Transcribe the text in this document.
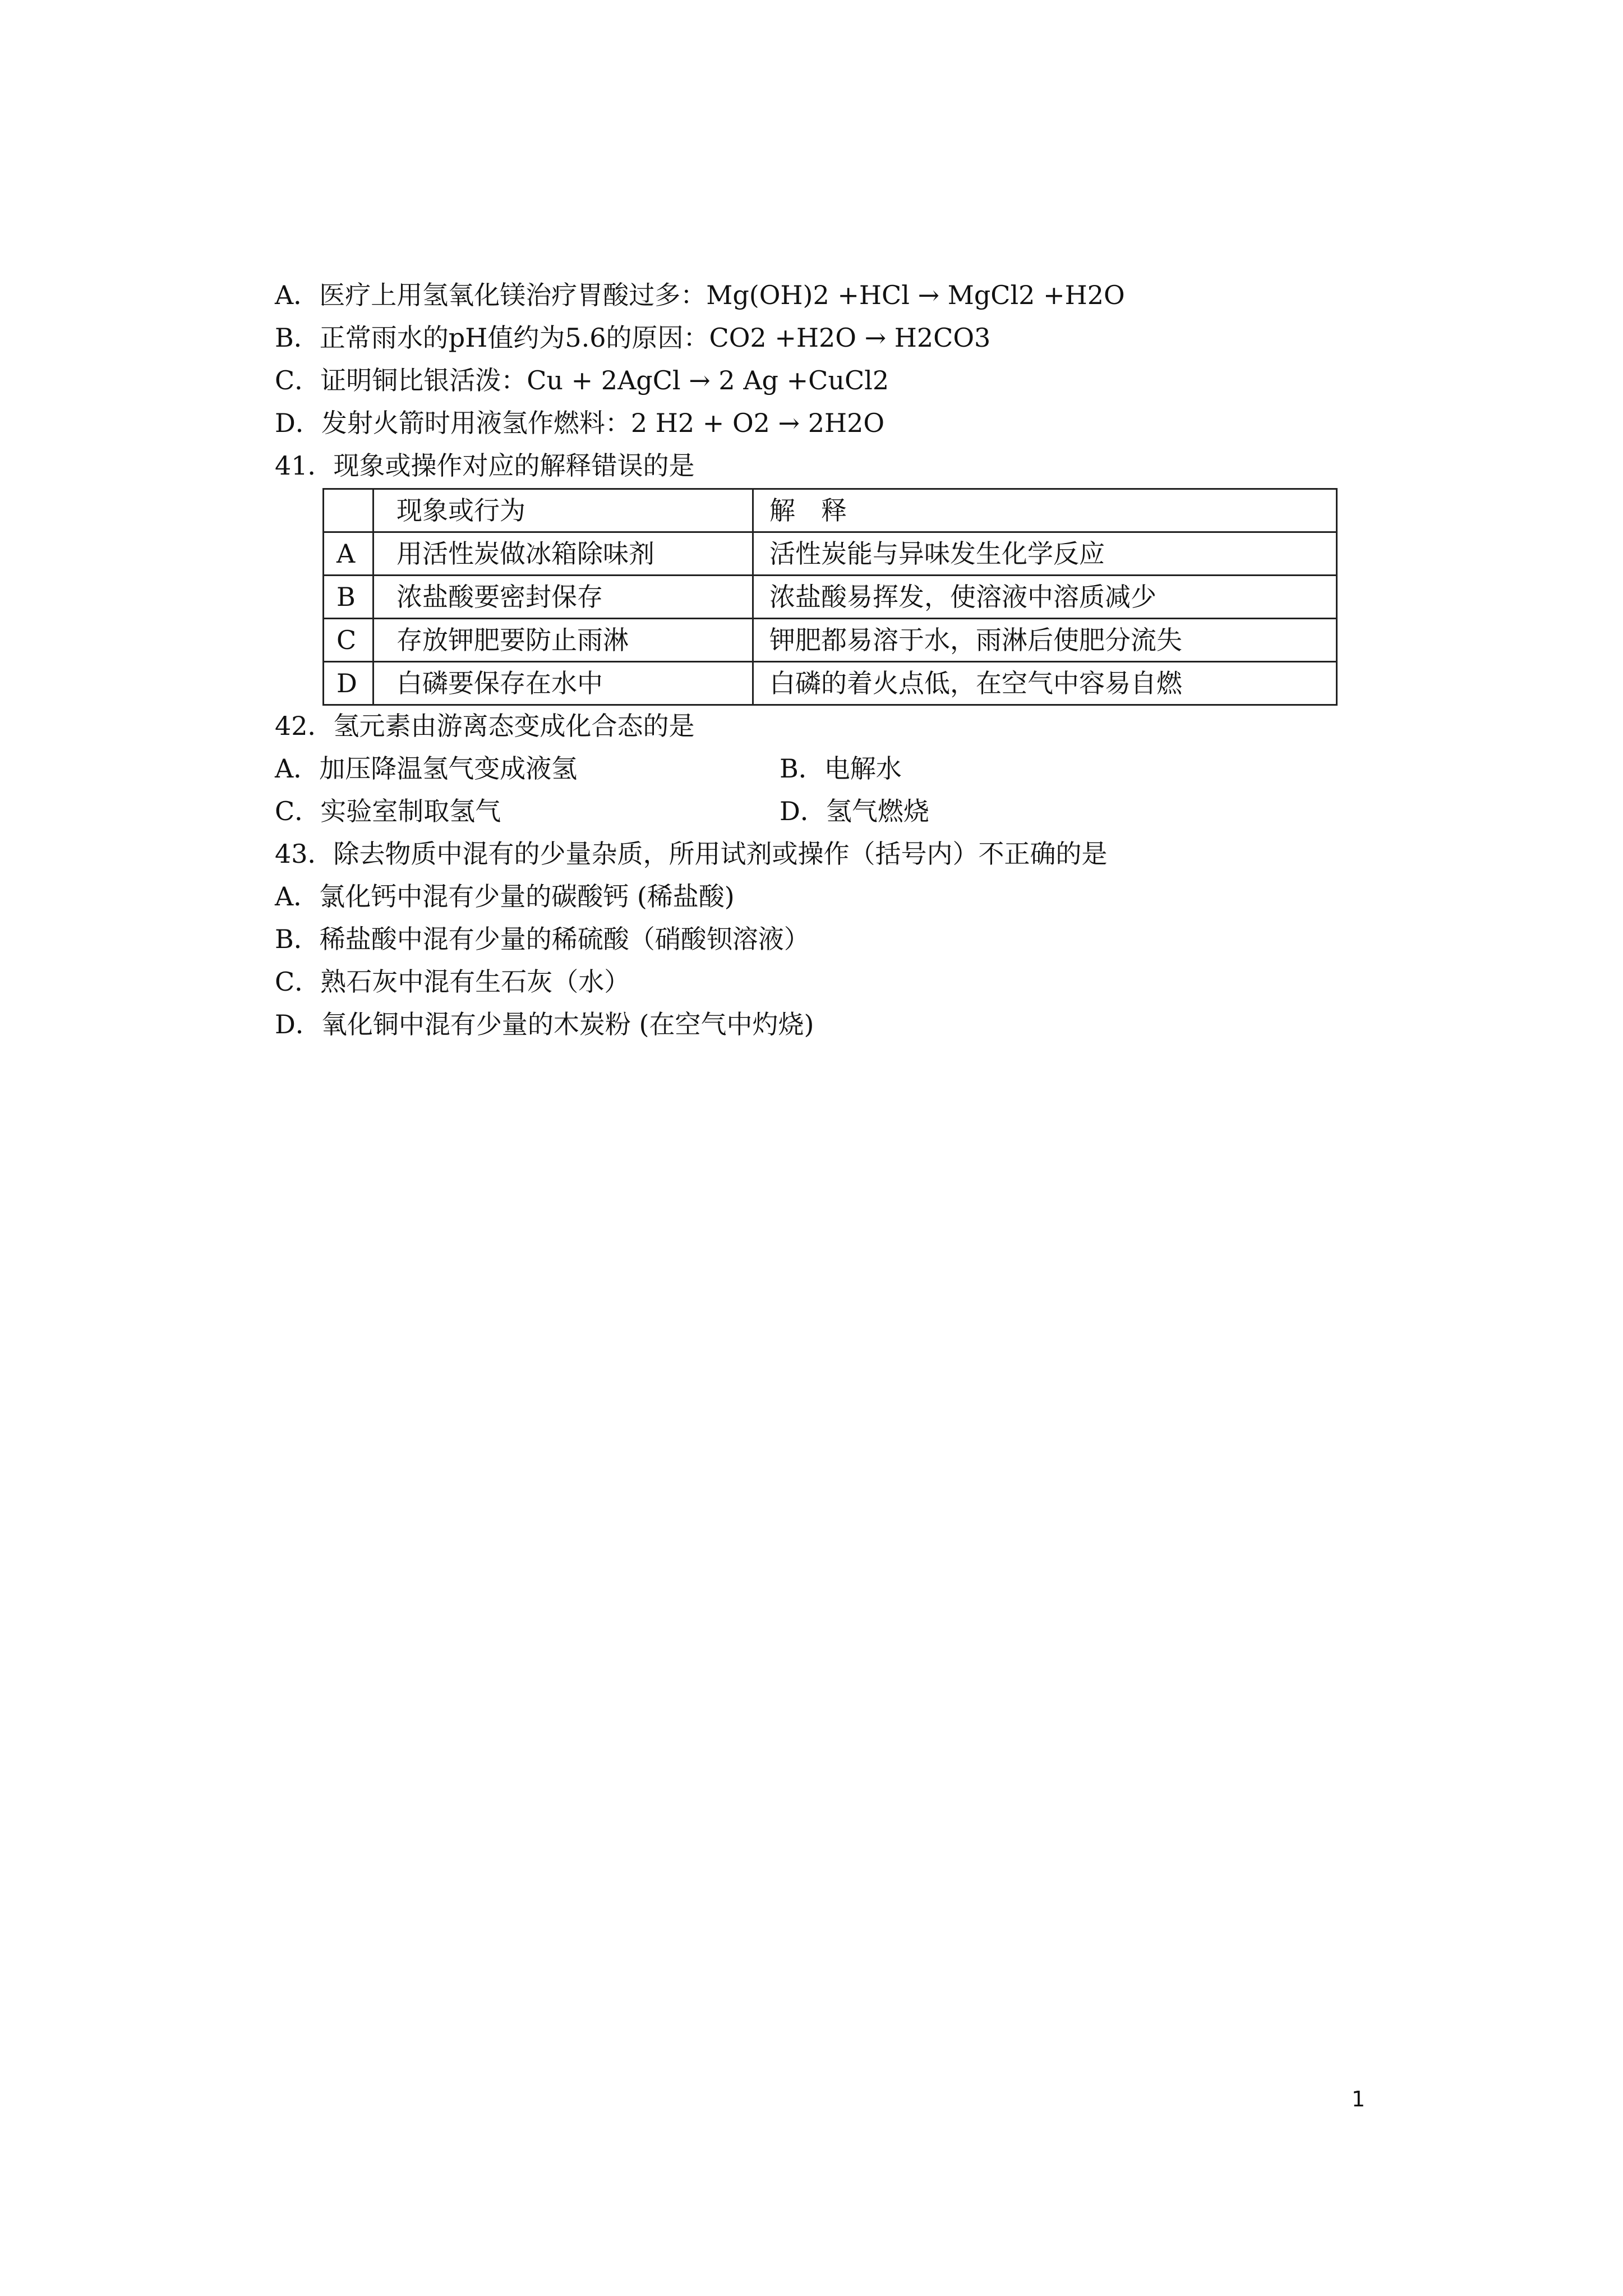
A．医疗上用氢氧化镁治疗胃酸过多：Mg(OH)2 +HCl → MgCl2 +H2O
B．正常雨水的pH值约为5.6的原因：CO2 +H2O → H2CO3
C．证明铜比银活泼：Cu + 2AgCl → 2 Ag +CuCl2
D．发射火箭时用液氢作燃料：2 H2 + O2 → 2H2O
41．现象或操作对应的解释错误的是
	现象或行为	解　释
A	用活性炭做冰箱除味剂	活性炭能与异味发生化学反应
B	浓盐酸要密封保存	浓盐酸易挥发，使溶液中溶质减少
C	存放钾肥要防止雨淋	钾肥都易溶于水，雨淋后使肥分流失
D	白磷要保存在水中	白磷的着火点低，在空气中容易自燃
42．氢元素由游离态变成化合态的是
A．加压降温氢气变成液氢	B．电解水
C．实验室制取氢气	D．氢气燃烧
43．除去物质中混有的少量杂质，所用试剂或操作（括号内）不正确的是
A．氯化钙中混有少量的碳酸钙 (稀盐酸)
B．稀盐酸中混有少量的稀硫酸（硝酸钡溶液）
C．熟石灰中混有生石灰（水）
D．氧化铜中混有少量的木炭粉 (在空气中灼烧)
1
